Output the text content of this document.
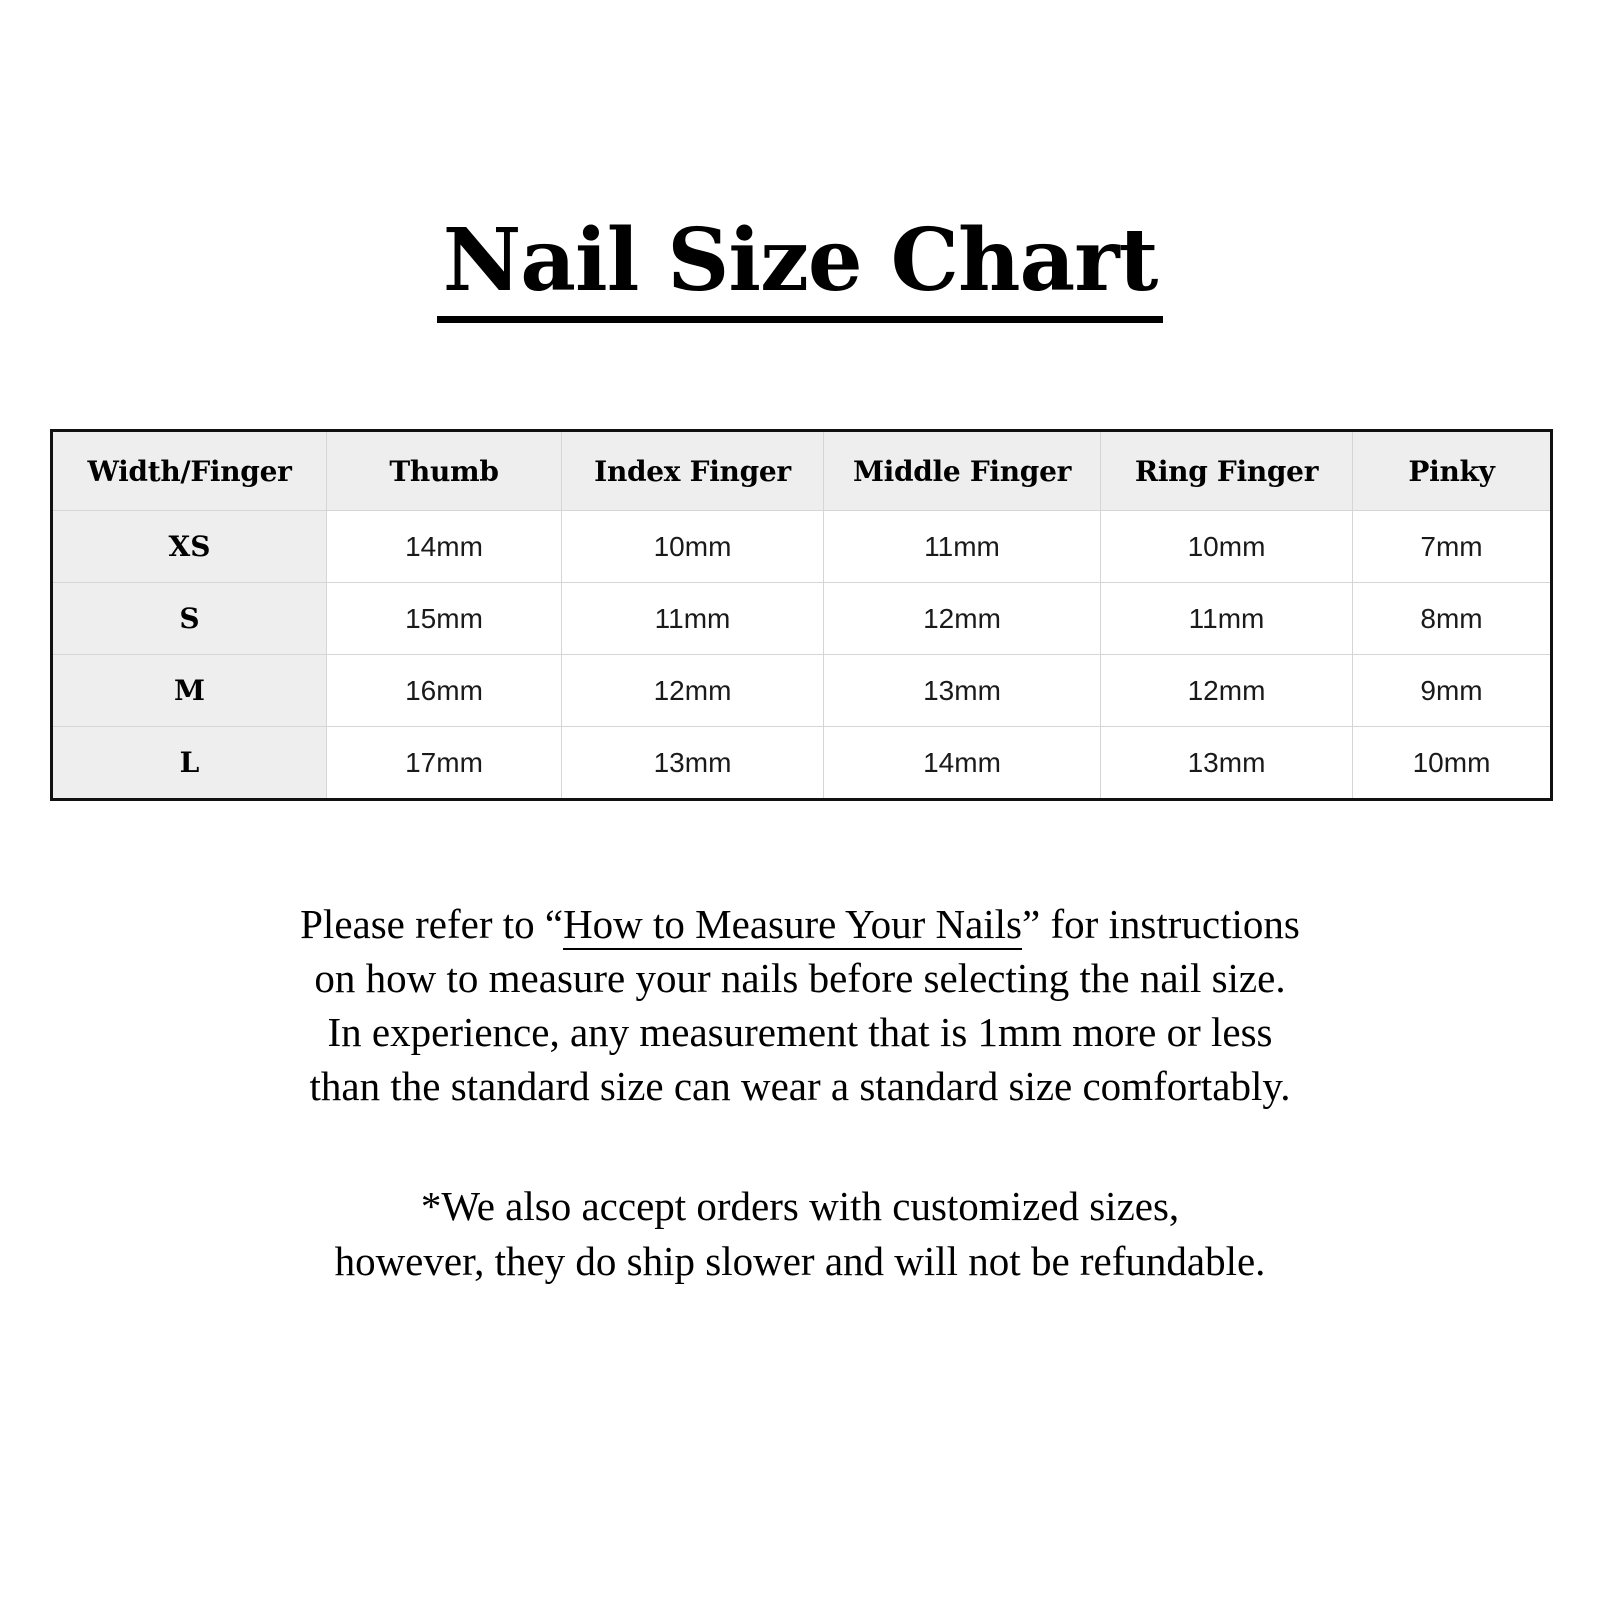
Nail Size Chart
Width/Finger	Thumb	Index Finger	Middle Finger	Ring Finger	Pinky
XS	14mm	10mm	11mm	10mm	7mm
S	15mm	11mm	12mm	11mm	8mm
M	16mm	12mm	13mm	12mm	9mm
L	17mm	13mm	14mm	13mm	10mm

Please refer to “How to Measure Your Nails” for instructions

on how to measure your nails before selecting the nail size.

In experience, any measurement that is 1mm more or less

than the standard size can wear a standard size comfortably.

*We also accept orders with customized sizes,

however, they do ship slower and will not be refundable.
